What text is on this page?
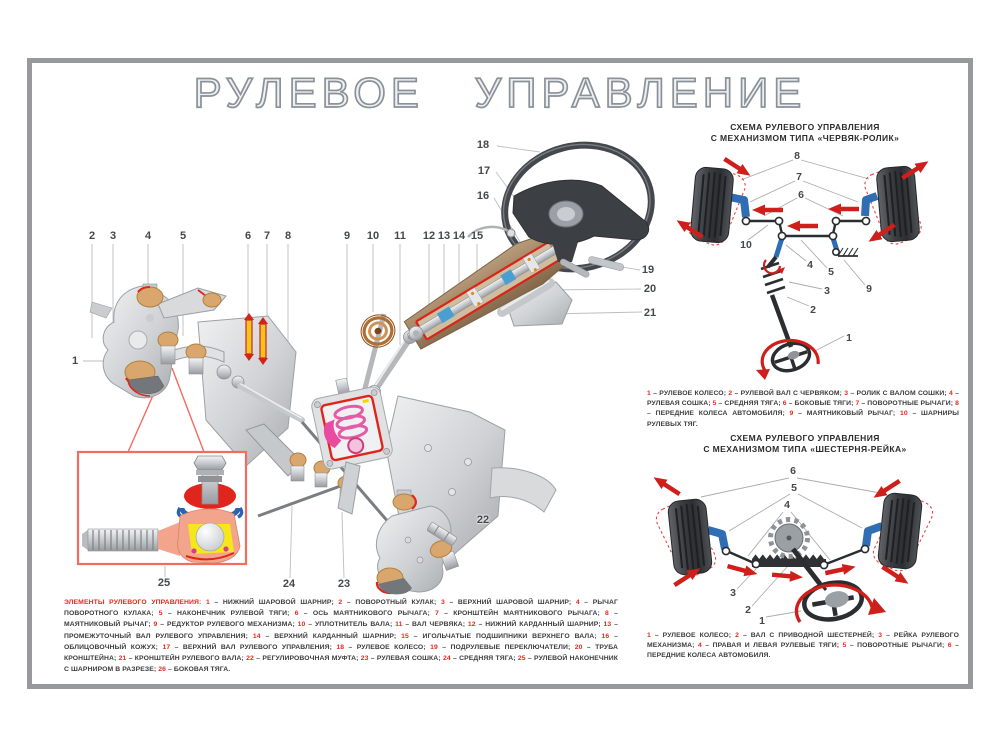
РУЛЕВОЕ УПРАВЛЕНИЕ
СХЕМА РУЛЕВОГО УПРАВЛЕНИЯ
С МЕХАНИЗМОМ ТИПА «ЧЕРВЯК-РОЛИК»
СХЕМА РУЛЕВОГО УПРАВЛЕНИЯ
С МЕХАНИЗМОМ ТИПА «ШЕСТЕРНЯ-РЕЙКА»
ЭЛЕМЕНТЫ РУЛЕВОГО УПРАВЛЕНИЯ: 1 – НИЖНИЙ ШАРОВОЙ ШАРНИР; 2 – ПОВОРОТНЫЙ КУЛАК; 3 – ВЕРХНИЙ ШАРОВОЙ ШАРНИР; 4 – РЫЧАГ ПОВОРОТНОГО КУЛАКА; 5 – НАКОНЕЧНИК РУЛЕВОЙ ТЯГИ; 6 – ОСЬ МАЯТНИКОВОГО РЫЧАГА; 7 – КРОНШТЕЙН МАЯТНИКОВОГО РЫЧАГА; 8 – МАЯТНИКОВЫЙ РЫЧАГ; 9 – РЕДУКТОР РУЛЕВОГО МЕХАНИЗМА; 10 – УПЛОТНИТЕЛЬ ВАЛА; 11 – ВАЛ ЧЕРВЯКА; 12 – НИЖНИЙ КАРДАННЫЙ ШАРНИР; 13 – ПРОМЕЖУТОЧНЫЙ ВАЛ РУЛЕВОГО УПРАВЛЕНИЯ; 14 – ВЕРХНИЙ КАРДАННЫЙ ШАРНИР; 15 – ИГОЛЬЧАТЫЕ ПОДШИПНИКИ ВЕРХНЕГО ВАЛА; 16 – ОБЛИЦОВОЧНЫЙ КОЖУХ; 17 – ВЕРХНИЙ ВАЛ РУЛЕВОГО УПРАВЛЕНИЯ; 18 – РУЛЕВОЕ КОЛЕСО; 19 – ПОДРУЛЕВЫЕ ПЕРЕКЛЮЧАТЕЛИ; 20 – ТРУБА КРОНШТЕЙНА; 21 – КРОНШТЕЙН РУЛЕВОГО ВАЛА; 22 – РЕГУЛИРОВОЧНАЯ МУФТА; 23 – РУЛЕВАЯ СОШКА; 24 – СРЕДНЯЯ ТЯГА; 25 – РУЛЕВОЙ НАКОНЕЧНИК С ШАРНИРОМ В РАЗРЕЗЕ; 26 – БОКОВАЯ ТЯГА.
1 – РУЛЕВОЕ КОЛЕСО; 2 – РУЛЕВОЙ ВАЛ С ЧЕРВЯКОМ; 3 – РОЛИК С ВАЛОМ СОШКИ; 4 – РУЛЕВАЯ СОШКА; 5 – СРЕДНЯЯ ТЯГА; 6 – БОКОВЫЕ ТЯГИ; 7 – ПОВОРОТНЫЕ РЫЧАГИ; 8 – ПЕРЕДНИЕ КОЛЕСА АВТОМОБИЛЯ; 9 – МАЯТНИКОВЫЙ РЫЧАГ; 10 – ШАРНИРЫ РУЛЕВЫХ ТЯГ.
1 – РУЛЕВОЕ КОЛЕСО; 2 – ВАЛ С ПРИВОДНОЙ ШЕСТЕРНЕЙ; 3 – РЕЙКА РУЛЕВОГО МЕХАНИЗМА; 4 – ПРАВАЯ И ЛЕВАЯ РУЛЕВЫЕ ТЯГИ; 5 – ПОВОРОТНЫЕ РЫЧАГИ; 6 – ПЕРЕДНИЕ КОЛЕСА АВТОМОБИЛЯ.
1
2 3	4	5	6 7 8	9 10 11 12 13 14 15
16
17
18
19
20
21
22
23
24
25
8
7
6
10
4
5
9
3
2
1
6
5
4
3
2
1
